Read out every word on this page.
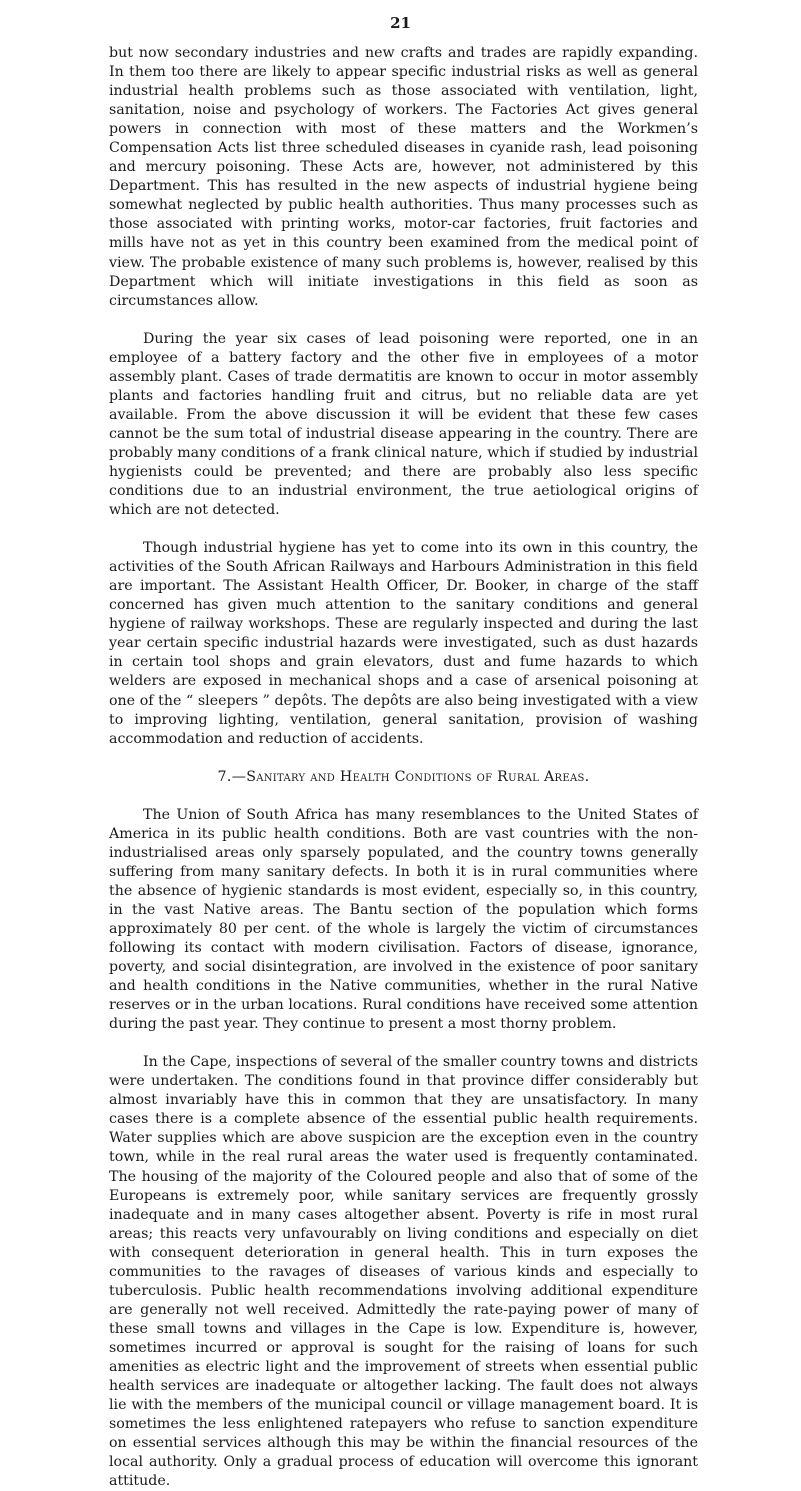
21

but now secondary industries and new crafts and trades are rapidly expanding. In them too there are likely to appear specific industrial risks as well as general industrial health problems such as those associated with ventilation, light, sanitation, noise and psychology of workers. The Factories Act gives general powers in connection with most of these matters and the Workmen’s Compensation Acts list three scheduled diseases in cyanide rash, lead poisoning and mercury poisoning. These Acts are, however, not administered by this Department. This has resulted in the new aspects of industrial hygiene being somewhat neglected by public health authorities. Thus many processes such as those associated with printing works, motor-car factories, fruit factories and mills have not as yet in this country been examined from the medical point of view. The probable existence of many such problems is, however, realised by this Department which will initiate investigations in this field as soon as circumstances allow.

During the year six cases of lead poisoning were reported, one in an employee of a battery factory and the other five in employees of a motor assembly plant. Cases of trade dermatitis are known to occur in motor assembly plants and factories handling fruit and citrus, but no reliable data are yet available. From the above discussion it will be evident that these few cases cannot be the sum total of industrial disease appearing in the country. There are probably many conditions of a frank clinical nature, which if studied by industrial hygienists could be prevented; and there are probably also less specific conditions due to an industrial environment, the true aetiological origins of which are not detected.

Though industrial hygiene has yet to come into its own in this country, the activities of the South African Railways and Harbours Administration in this field are important. The Assistant Health Officer, Dr. Booker, in charge of the staff concerned has given much attention to the sanitary conditions and general hygiene of railway workshops. These are regularly inspected and during the last year certain specific industrial hazards were investigated, such as dust hazards in certain tool shops and grain elevators, dust and fume hazards to which welders are exposed in mechanical shops and a case of arsenical poisoning at one of the “ sleepers ” depôts. The depôts are also being investigated with a view to improving lighting, ventilation, general sanitation, provision of washing accommodation and reduction of accidents.

7.—Sanitary and Health Conditions of Rural Areas.

The Union of South Africa has many resemblances to the United States of America in its public health conditions. Both are vast countries with the non-industrialised areas only sparsely populated, and the country towns generally suffering from many sanitary defects. In both it is in rural communities where the absence of hygienic standards is most evident, especially so, in this country, in the vast Native areas. The Bantu section of the population which forms approximately 80 per cent. of the whole is largely the victim of circumstances following its contact with modern civilisation. Factors of disease, ignorance, poverty, and social disintegration, are involved in the existence of poor sanitary and health conditions in the Native communities, whether in the rural Native reserves or in the urban locations. Rural conditions have received some attention during the past year. They continue to present a most thorny problem.

In the Cape, inspections of several of the smaller country towns and districts were undertaken. The conditions found in that province differ considerably but almost invariably have this in common that they are unsatisfactory. In many cases there is a complete absence of the essential public health requirements. Water supplies which are above suspicion are the exception even in the country town, while in the real rural areas the water used is frequently contaminated. The housing of the majority of the Coloured people and also that of some of the Europeans is extremely poor, while sanitary services are frequently grossly inadequate and in many cases altogether absent. Poverty is rife in most rural areas; this reacts very unfavourably on living conditions and especially on diet with consequent deterioration in general health. This in turn exposes the communities to the ravages of diseases of various kinds and especially to tuberculosis. Public health recommendations involving additional expenditure are generally not well received. Admittedly the rate-paying power of many of these small towns and villages in the Cape is low. Expenditure is, however, sometimes incurred or approval is sought for the raising of loans for such amenities as electric light and the improvement of streets when essential public health services are inadequate or altogether lacking. The fault does not always lie with the members of the municipal council or village management board. It is sometimes the less enlightened ratepayers who refuse to sanction expenditure on essential services although this may be within the financial resources of the local authority. Only a gradual process of education will overcome this ignorant attitude.
